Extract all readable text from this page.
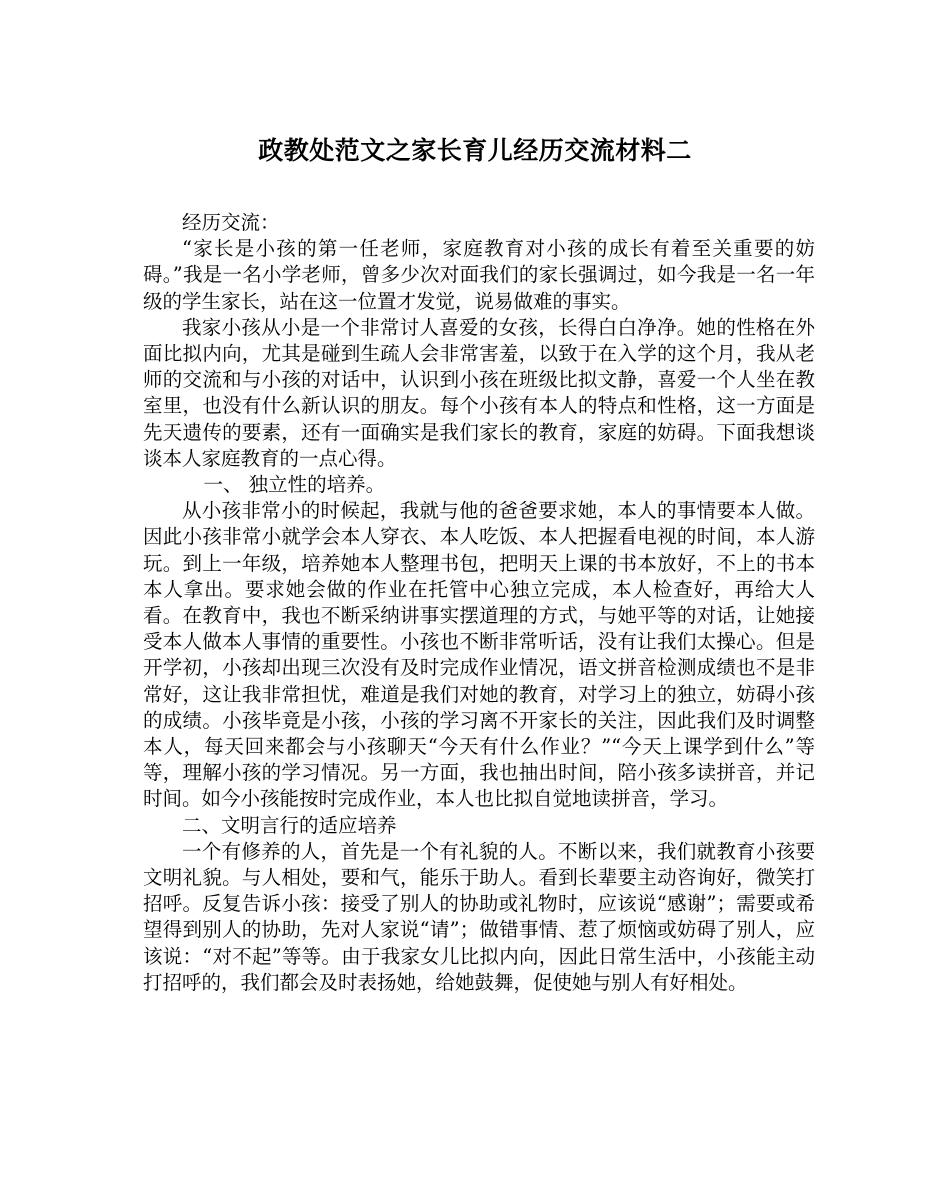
政教处范文之家长育儿经历交流材料二

经历交流：

“家长是小孩的第一任老师，家庭教育对小孩的成长有着至关重要的妨碍。”我是一名小学老师，曾多少次对面我们的家长强调过，如今我是一名一年级的学生家长，站在这一位置才发觉，说易做难的事实。

我家小孩从小是一个非常讨人喜爱的女孩，长得白白净净。她的性格在外面比拟内向，尤其是碰到生疏人会非常害羞，以致于在入学的这个月，我从老师的交流和与小孩的对话中，认识到小孩在班级比拟文静，喜爱一个人坐在教室里，也没有什么新认识的朋友。每个小孩有本人的特点和性格，这一方面是先天遗传的要素，还有一面确实是我们家长的教育，家庭的妨碍。下面我想谈谈本人家庭教育的一点心得。

一、 独立性的培养。

从小孩非常小的时候起，我就与他的爸爸要求她，本人的事情要本人做。因此小孩非常小就学会本人穿衣、本人吃饭、本人把握看电视的时间，本人游玩。到上一年级，培养她本人整理书包，把明天上课的书本放好，不上的书本本人拿出。要求她会做的作业在托管中心独立完成，本人检查好，再给大人看。在教育中，我也不断采纳讲事实摆道理的方式，与她平等的对话，让她接受本人做本人事情的重要性。小孩也不断非常听话，没有让我们太操心。但是开学初，小孩却出现三次没有及时完成作业情况，语文拼音检测成绩也不是非常好，这让我非常担忧，难道是我们对她的教育，对学习上的独立，妨碍小孩的成绩。小孩毕竟是小孩，小孩的学习离不开家长的关注，因此我们及时调整本人，每天回来都会与小孩聊天“今天有什么作业？”“今天上课学到什么”等等，理解小孩的学习情况。另一方面，我也抽出时间，陪小孩多读拼音，并记时间。如今小孩能按时完成作业，本人也比拟自觉地读拼音，学习。

二、文明言行的适应培养

一个有修养的人，首先是一个有礼貌的人。不断以来，我们就教育小孩要文明礼貌。与人相处，要和气，能乐于助人。看到长辈要主动咨询好，微笑打招呼。反复告诉小孩：接受了别人的协助或礼物时，应该说“感谢”；需要或希望得到别人的协助，先对人家说“请”；做错事情、惹了烦恼或妨碍了别人，应该说：“对不起”等等。由于我家女儿比拟内向，因此日常生活中，小孩能主动打招呼的，我们都会及时表扬她，给她鼓舞，促使她与别人有好相处。
